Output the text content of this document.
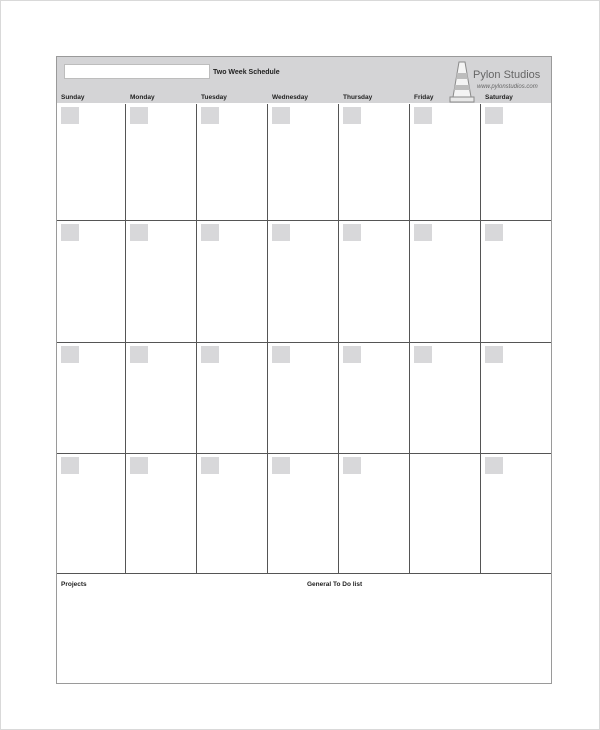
Two Week Schedule	Pylon Studios
www.pylonstudios.com
Sunday	Monday	Tuesday	Wednesday	Thursday	Friday	Saturday
Projects	General To Do list
